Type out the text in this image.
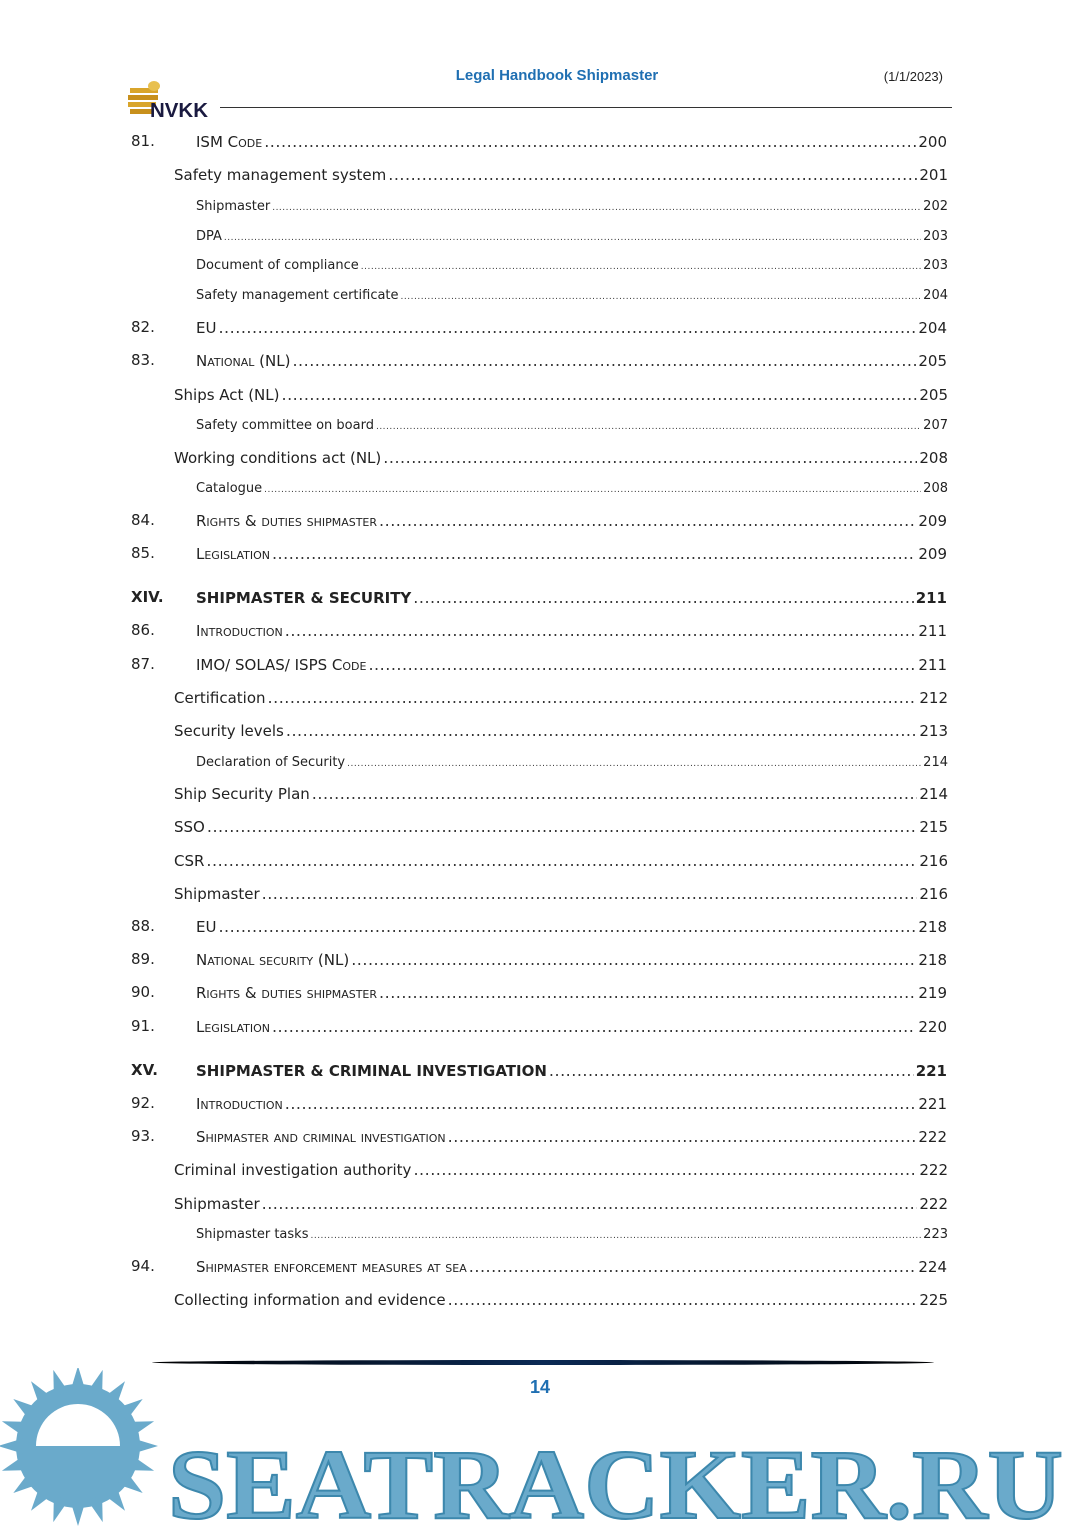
NVKK
Legal Handbook Shipmaster	(1/1/2023)
81.	ISM Code .....	200
Safety management system .....	201
Shipmaster .....	202
DPA .....	203
Document of compliance .....	203
Safety management certificate .....	204
82.	EU .....	204
83.	National (NL) .....	205
Ships Act (NL) .....	205
Safety committee on board .....	207
Working conditions act (NL) .....	208
Catalogue .....	208
84.	Rights & duties shipmaster .....	209
85.	Legislation .....	209
XIV. SHIPMASTER & SECURITY .....	211
86.	Introduction .....	211
87.	IMO/ SOLAS/ ISPS Code .....	211
Certification .....	212
Security levels .....	213
Declaration of Security .....	214
Ship Security Plan .....	214
SSO .....	215
CSR .....	216
Shipmaster .....	216
88.	EU .....	218
89.	National security (NL) .....	218
90.	Rights & duties shipmaster .....	219
91.	Legislation .....	220
XV.	SHIPMASTER & CRIMINAL INVESTIGATION .....	221
92.	Introduction .....	221
93.	Shipmaster and criminal investigation .....	222
Criminal investigation authority .....	222
Shipmaster .....	222
Shipmaster tasks .....	223
94.	Shipmaster enforcement measures at sea .....	224
Collecting information and evidence .....	225
SEATRACKER.RU
14
